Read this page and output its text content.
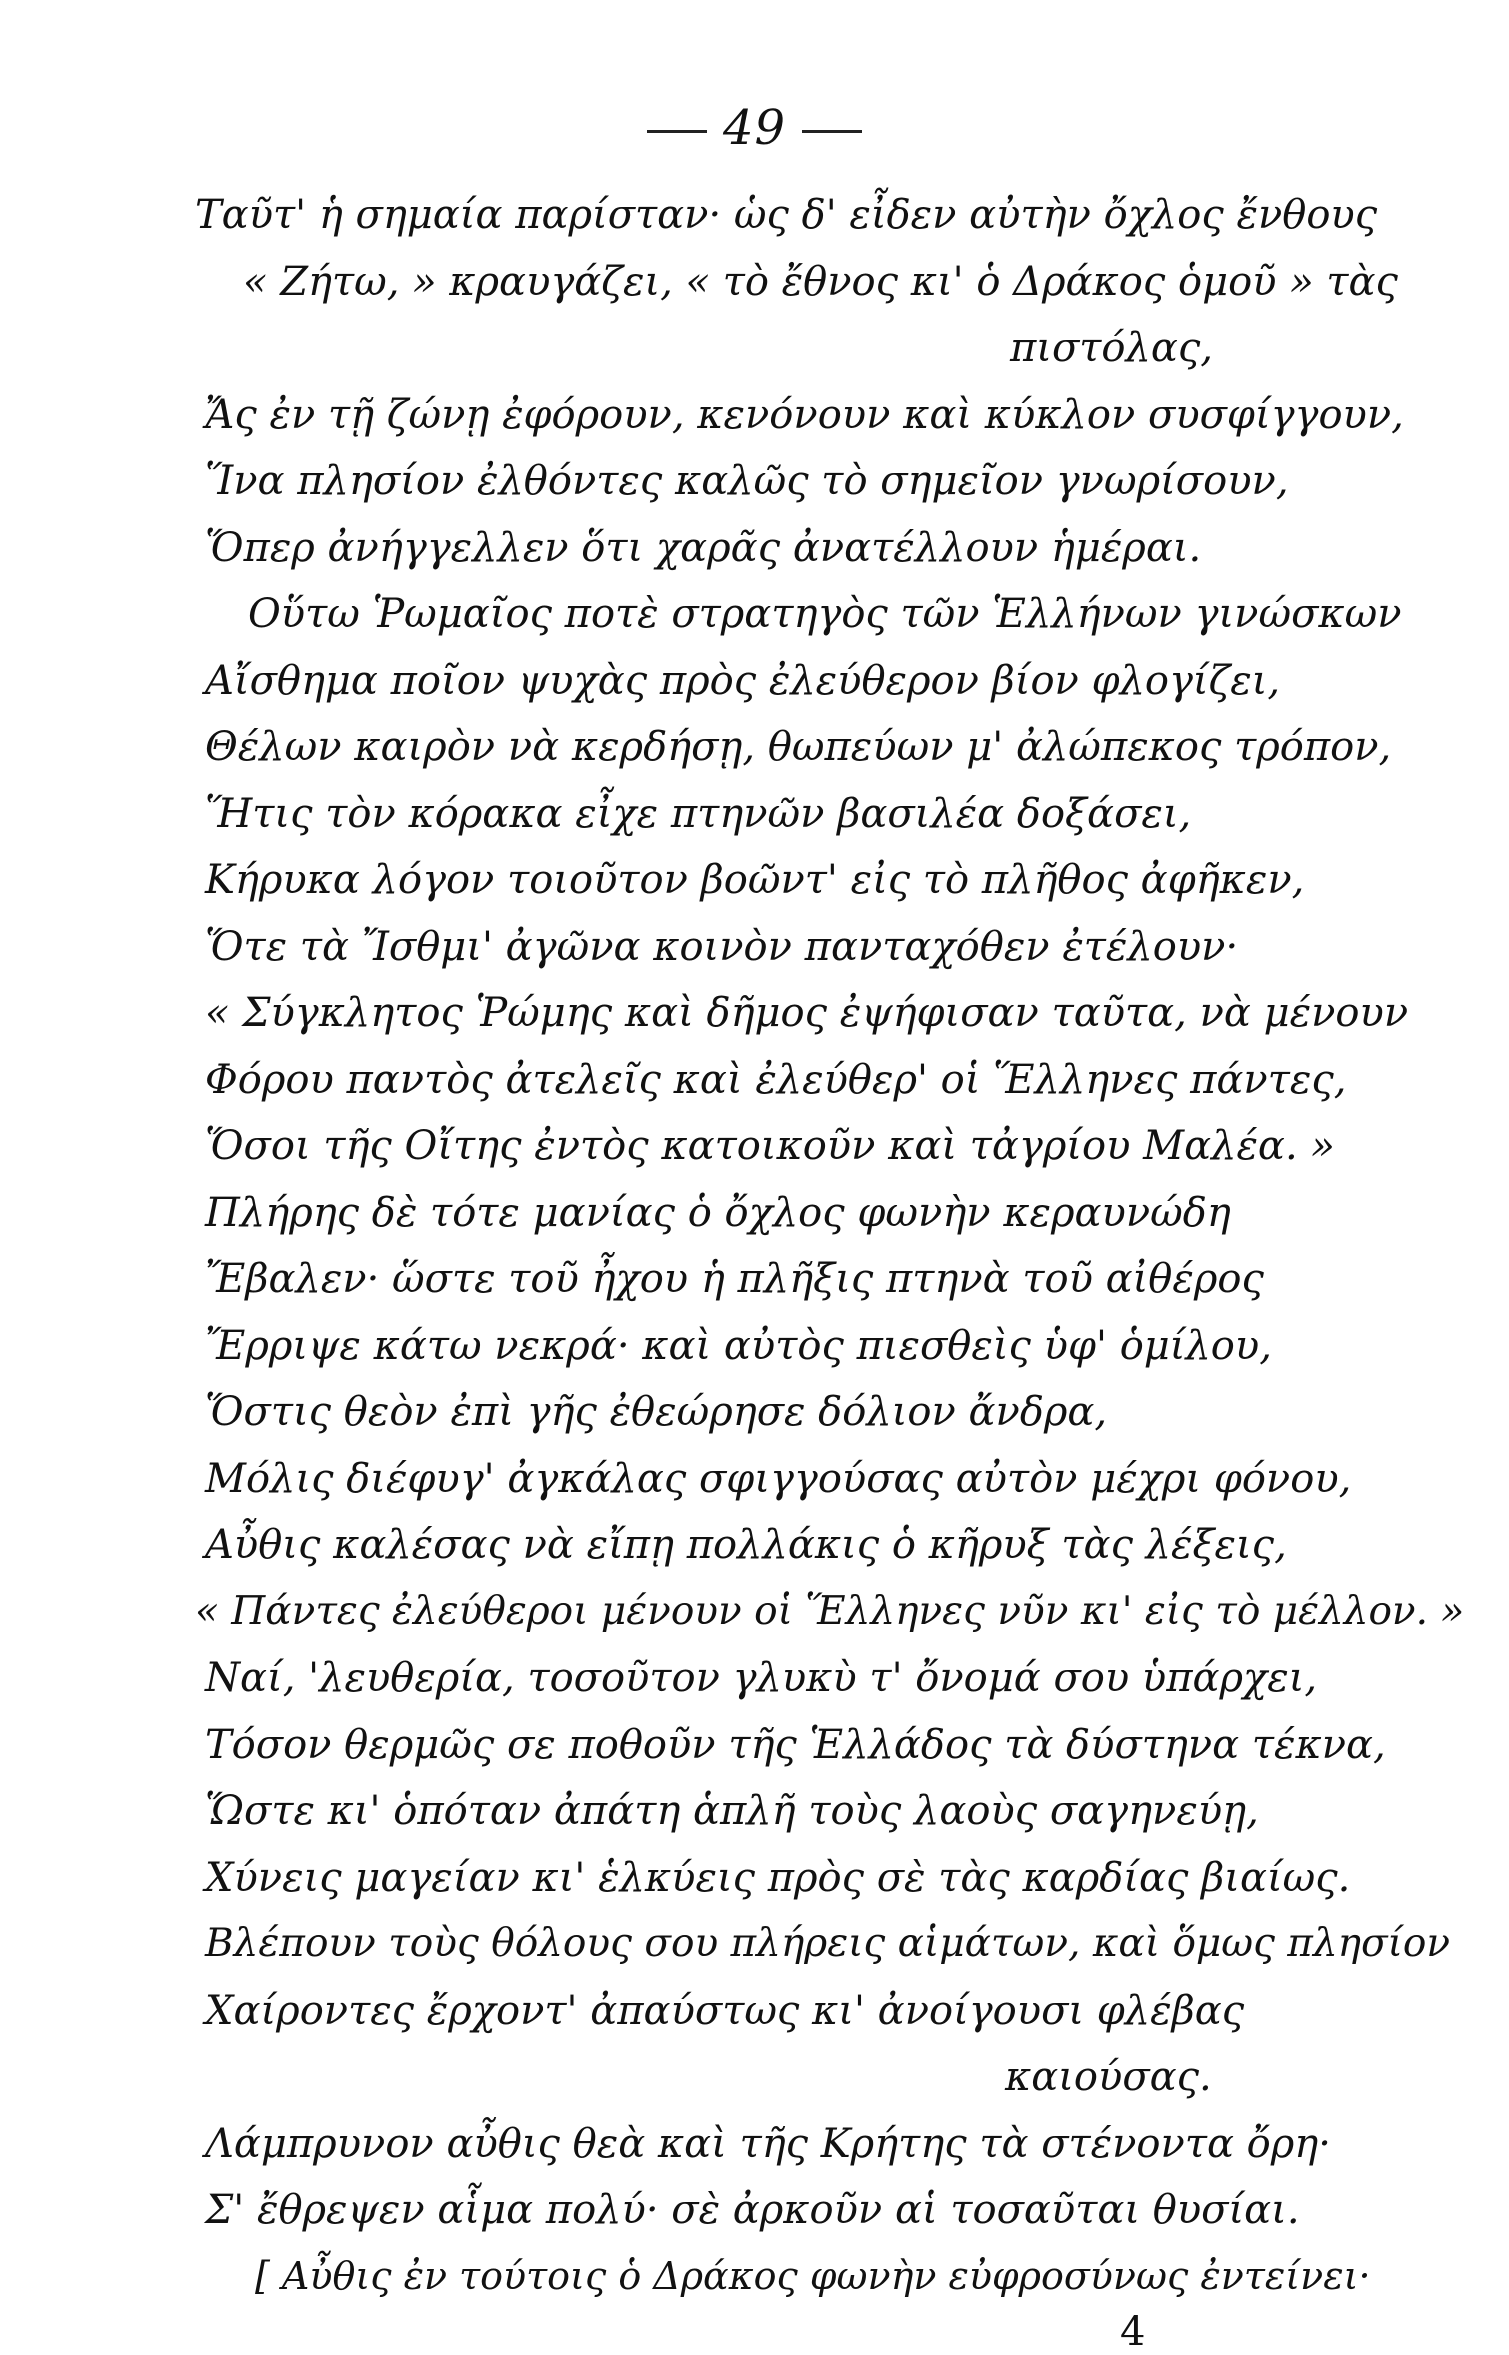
49
Ταῦτ' ἡ σημαία παρίσταν· ὡς δ' εἶδεν αὐτὴν ὄχλος ἔνθους
« Ζήτω, » κραυγάζει, « τὸ ἔθνος κι' ὁ Δράκος ὁμοῦ » τὰς
πιστόλας,
Ἄς ἐν τῇ ζώνῃ ἐφόρουν, κενόνουν καὶ κύκλον συσφίγγουν,
Ἵνα πλησίον ἐλθόντες καλῶς τὸ σημεῖον γνωρίσουν,
Ὅπερ ἀνήγγελλεν ὅτι χαρᾶς ἀνατέλλουν ἡμέραι.
Οὕτω Ῥωμαῖος ποτὲ στρατηγὸς τῶν Ἑλλήνων γινώσκων
Αἴσθημα ποῖον ψυχὰς πρὸς ἐλεύθερον βίον φλογίζει,
Θέλων καιρὸν νὰ κερδήσῃ, θωπεύων μ' ἀλώπεκος τρόπον,
Ἥτις τὸν κόρακα εἶχε πτηνῶν βασιλέα δοξάσει,
Κήρυκα λόγον τοιοῦτον βοῶντ' εἰς τὸ πλῆθος ἀφῆκεν,
Ὅτε τὰ Ἴσθμι' ἀγῶνα κοινὸν πανταχόθεν ἐτέλουν·
« Σύγκλητος Ῥώμης καὶ δῆμος ἐψήφισαν ταῦτα, νὰ μένουν
Φόρου παντὸς ἀτελεῖς καὶ ἐλεύθερ' οἱ Ἕλληνες πάντες,
Ὅσοι τῆς Οἴτης ἐντὸς κατοικοῦν καὶ τἀγρίου Μαλέα. »
Πλήρης δὲ τότε μανίας ὁ ὄχλος φωνὴν κεραυνώδη
Ἔβαλεν· ὥστε τοῦ ἦχου ἡ πλῆξις πτηνὰ τοῦ αἰθέρος
Ἔρριψε κάτω νεκρά· καὶ αὐτὸς πιεσθεὶς ὑφ' ὁμίλου,
Ὅστις θεὸν ἐπὶ γῆς ἐθεώρησε δόλιον ἄνδρα,
Μόλις διέφυγ' ἀγκάλας σφιγγούσας αὐτὸν μέχρι φόνου,
Αὖθις καλέσας νὰ εἴπῃ πολλάκις ὁ κῆρυξ τὰς λέξεις,
« Πάντες ἐλεύθεροι μένουν οἱ Ἕλληνες νῦν κι' εἰς τὸ μέλλον. »
Ναί, 'λευθερία, τοσοῦτον γλυκὺ τ' ὄνομά σου ὑπάρχει,
Τόσον θερμῶς σε ποθοῦν τῆς Ἑλλάδος τὰ δύστηνα τέκνα,
Ὥστε κι' ὁπόταν ἀπάτη ἁπλῆ τοὺς λαοὺς σαγηνεύῃ,
Χύνεις μαγείαν κι' ἑλκύεις πρὸς σὲ τὰς καρδίας βιαίως.
Βλέπουν τοὺς θόλους σου πλήρεις αἱμάτων, καὶ ὅμως πλησίον
Χαίροντες ἔρχοντ' ἀπαύστως κι' ἀνοίγουσι φλέβας
καιούσας.
Λάμπρυνον αὖθις θεὰ καὶ τῆς Κρήτης τὰ στένοντα ὄρη·
Σ' ἔθρεψεν αἷμα πολύ· σὲ ἀρκοῦν αἱ τοσαῦται θυσίαι.
[ Αὖθις ἐν τούτοις ὁ Δράκος φωνὴν εὐφροσύνως ἐντείνει·
4
